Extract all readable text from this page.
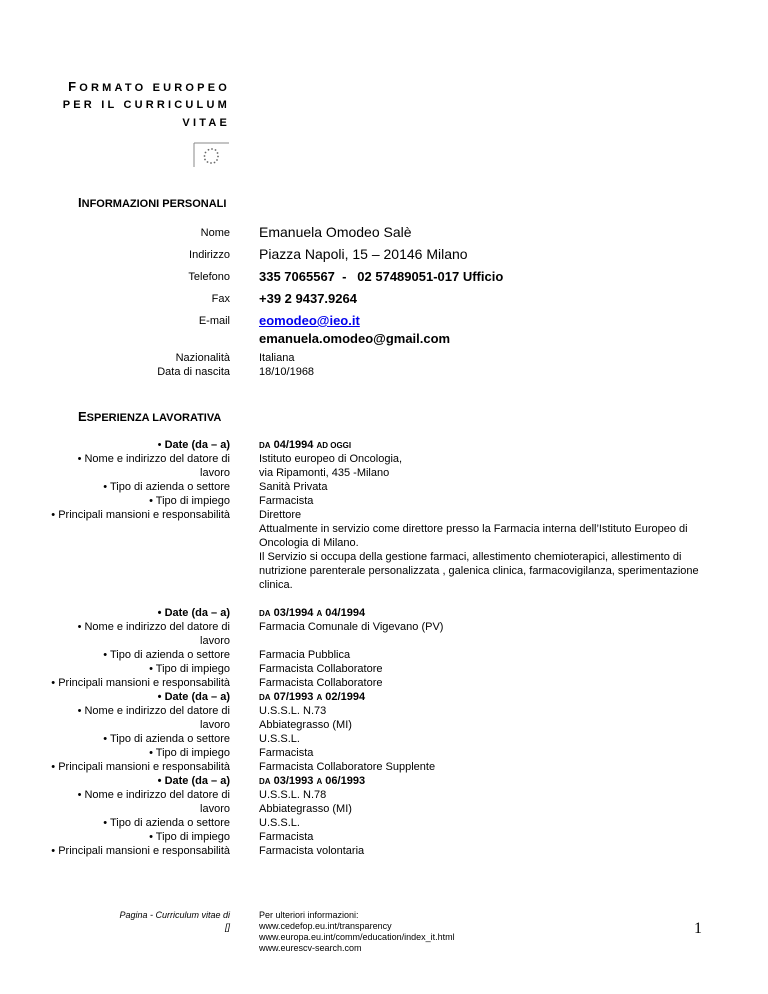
FORMATO EUROPEO
PER IL CURRICULUM
VITAE
INFORMAZIONI PERSONALI
Nome Emanuela Omodeo Salè
Indirizzo Piazza Napoli, 15 – 20146 Milano
Telefono 335 7065567  -   02 57489051-017 Ufficio
Fax +39 2 9437.9264
E-mail eomodeo@ieo.it
emanuela.omodeo@gmail.com
Nazionalità	Italiana
Data di nascita	18/10/1968
ESPERIENZA LAVORATIVA
• Date (da – a)
• Nome e indirizzo del datore di lavoro
• Tipo di azienda o settore
• Tipo di impiego
• Principali mansioni e responsabilità
DA 04/1994 AD OGGI
Istituto europeo di Oncologia,
via Ripamonti, 435 -Milano
Sanità Privata
Farmacista
Direttore
Attualmente in servizio come direttore presso la Farmacia interna dell’Istituto Europeo di Oncologia di Milano.
Il Servizio si occupa della gestione farmaci, allestimento chemioterapici, allestimento di nutrizione parenterale personalizzata , galenica clinica, farmacovigilanza, sperimentazione clinica.
• Date (da – a)
• Nome e indirizzo del datore di lavoro
• Tipo di azienda o settore
• Tipo di impiego
• Principali mansioni e responsabilità
DA 03/1994 A 04/1994
Farmacia Comunale di Vigevano (PV)
Farmacia Pubblica
Farmacista Collaboratore
Farmacista Collaboratore
• Date (da – a)
• Nome e indirizzo del datore di lavoro
• Tipo di azienda o settore
• Tipo di impiego
• Principali mansioni e responsabilità
DA 07/1993 A 02/1994
U.S.S.L. N.73
Abbiategrasso (MI)
U.S.S.L.
Farmacista
Farmacista Collaboratore Supplente
• Date (da – a)
• Nome e indirizzo del datore di lavoro
• Tipo di azienda o settore
• Tipo di impiego
• Principali mansioni e responsabilità
DA 03/1993 A 06/1993
U.S.S.L. N.78
Abbiategrasso (MI)
U.S.S.L.
Farmacista
Farmacista volontaria
Pagina - Curriculum vitae di
[]
Per ulteriori informazioni:
www.cedefop.eu.int/transparency
www.europa.eu.int/comm/education/index_it.html
www.eurescv-search.com
1
